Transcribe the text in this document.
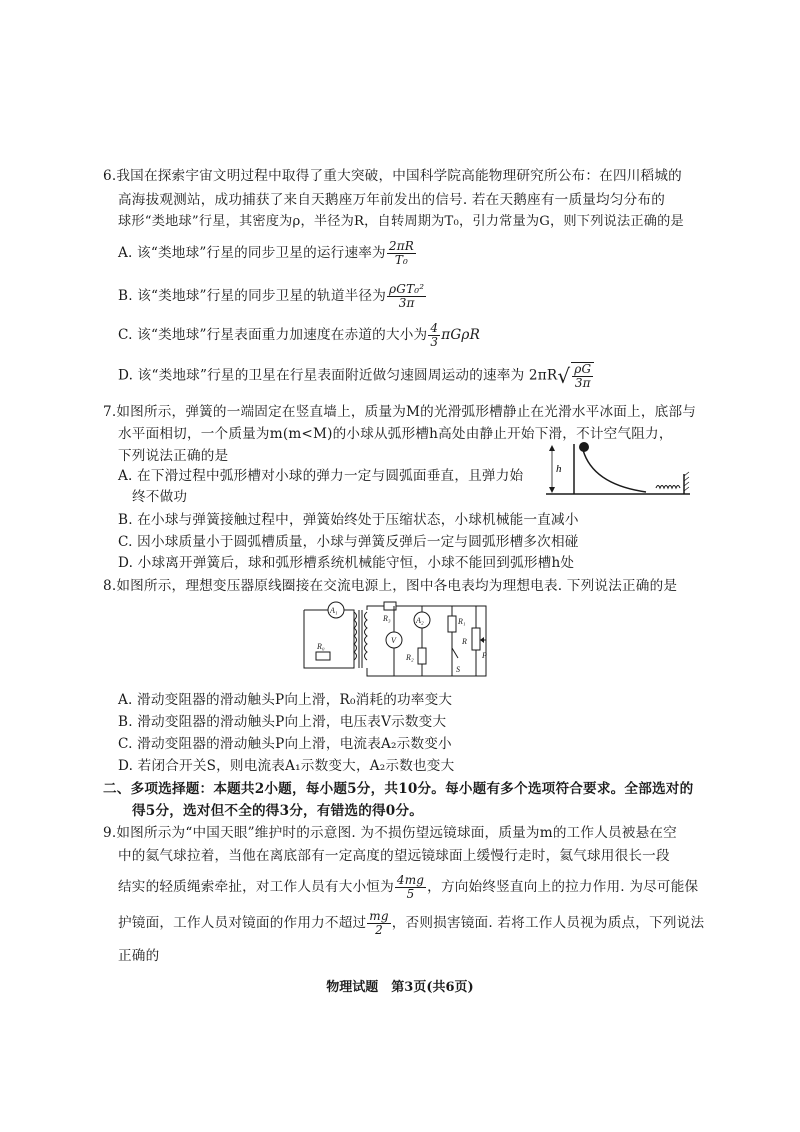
6.我国在探索宇宙文明过程中取得了重大突破，中国科学院高能物理研究所公布：在四川稻城的
高海拔观测站，成功捕获了来自天鹅座万年前发出的信号. 若在天鹅座有一质量均匀分布的
球形“类地球”行星，其密度为ρ，半径为R，自转周期为T₀，引力常量为G，则下列说法正确的是
A. 该“类地球”行星的同步卫星的运行速率为 $\frac{2\pi R}{\text{T₀}}$
B. 该“类地球”行星的同步卫星的轨道半径为 $\frac{\text{ρGT₀²}}{3\pi}$
C. 该“类地球”行星表面重力加速度在赤道的大小为 $\frac{4}{3}$ πGρR
D. 该“类地球”行星的卫星在行星表面附近做匀速圆周运动的速率为 $2\pi R√ \frac{\rho G}{3\pi}$
7.如图所示，弹簧的一端固定在竖直墙上，质量为M的光滑弧形槽静止在光滑水平冰面上，底部与
水平面相切，一个质量为m(m<M)的小球从弧形槽h高处由静止开始下滑，不计空气阻力，
下列说法正确的是
A. 在下滑过程中弧形槽对小球的弹力一定与圆弧面垂直，且弹力始
终不做功
B. 在小球与弹簧接触过程中，弹簧始终处于压缩状态，小球机械能一直减小
C. 因小球质量小于圆弧槽质量，小球与弹簧反弹后一定与圆弧形槽多次相碰
D. 小球离开弹簧后，球和弧形槽系统机械能守恒，小球不能回到弧形槽h处
h
8.如图所示，理想变压器原线圈接在交流电源上，图中各电表均为理想电表. 下列说法正确的是
A₁
V
A₂
R₀
R₃
R₂
R₁
R
S
P
A. 滑动变阻器的滑动触头P向上滑，R₀消耗的功率变大
B. 滑动变阻器的滑动触头P向上滑，电压表V示数变大
C. 滑动变阻器的滑动触头P向上滑，电流表A₂示数变小
D. 若闭合开关S，则电流表A₁示数变大，A₂示数也变大
二、多项选择题：本题共2小题，每小题5分，共10分。每小题有多个选项符合要求。全部选对的
得5分，选对但不全的得3分，有错选的得0分。
9.如图所示为“中国天眼”维护时的示意图. 为不损伤望远镜球面，质量为m的工作人员被悬在空
中的氦气球拉着，当他在离底部有一定高度的望远镜球面上缓慢行走时，氦气球用很长一段
结实的轻质绳索牵扯，对工作人员有大小恒为 $\frac{4mg}{5}$ ，方向始终竖直向上的拉力作用. 为尽可能保
护镜面，工作人员对镜面的作用力不超过 $\frac{mg}{2}$ ，否则损害镜面. 若将工作人员视为质点，下列说法
正确的
物理试题　第3页(共6页)
